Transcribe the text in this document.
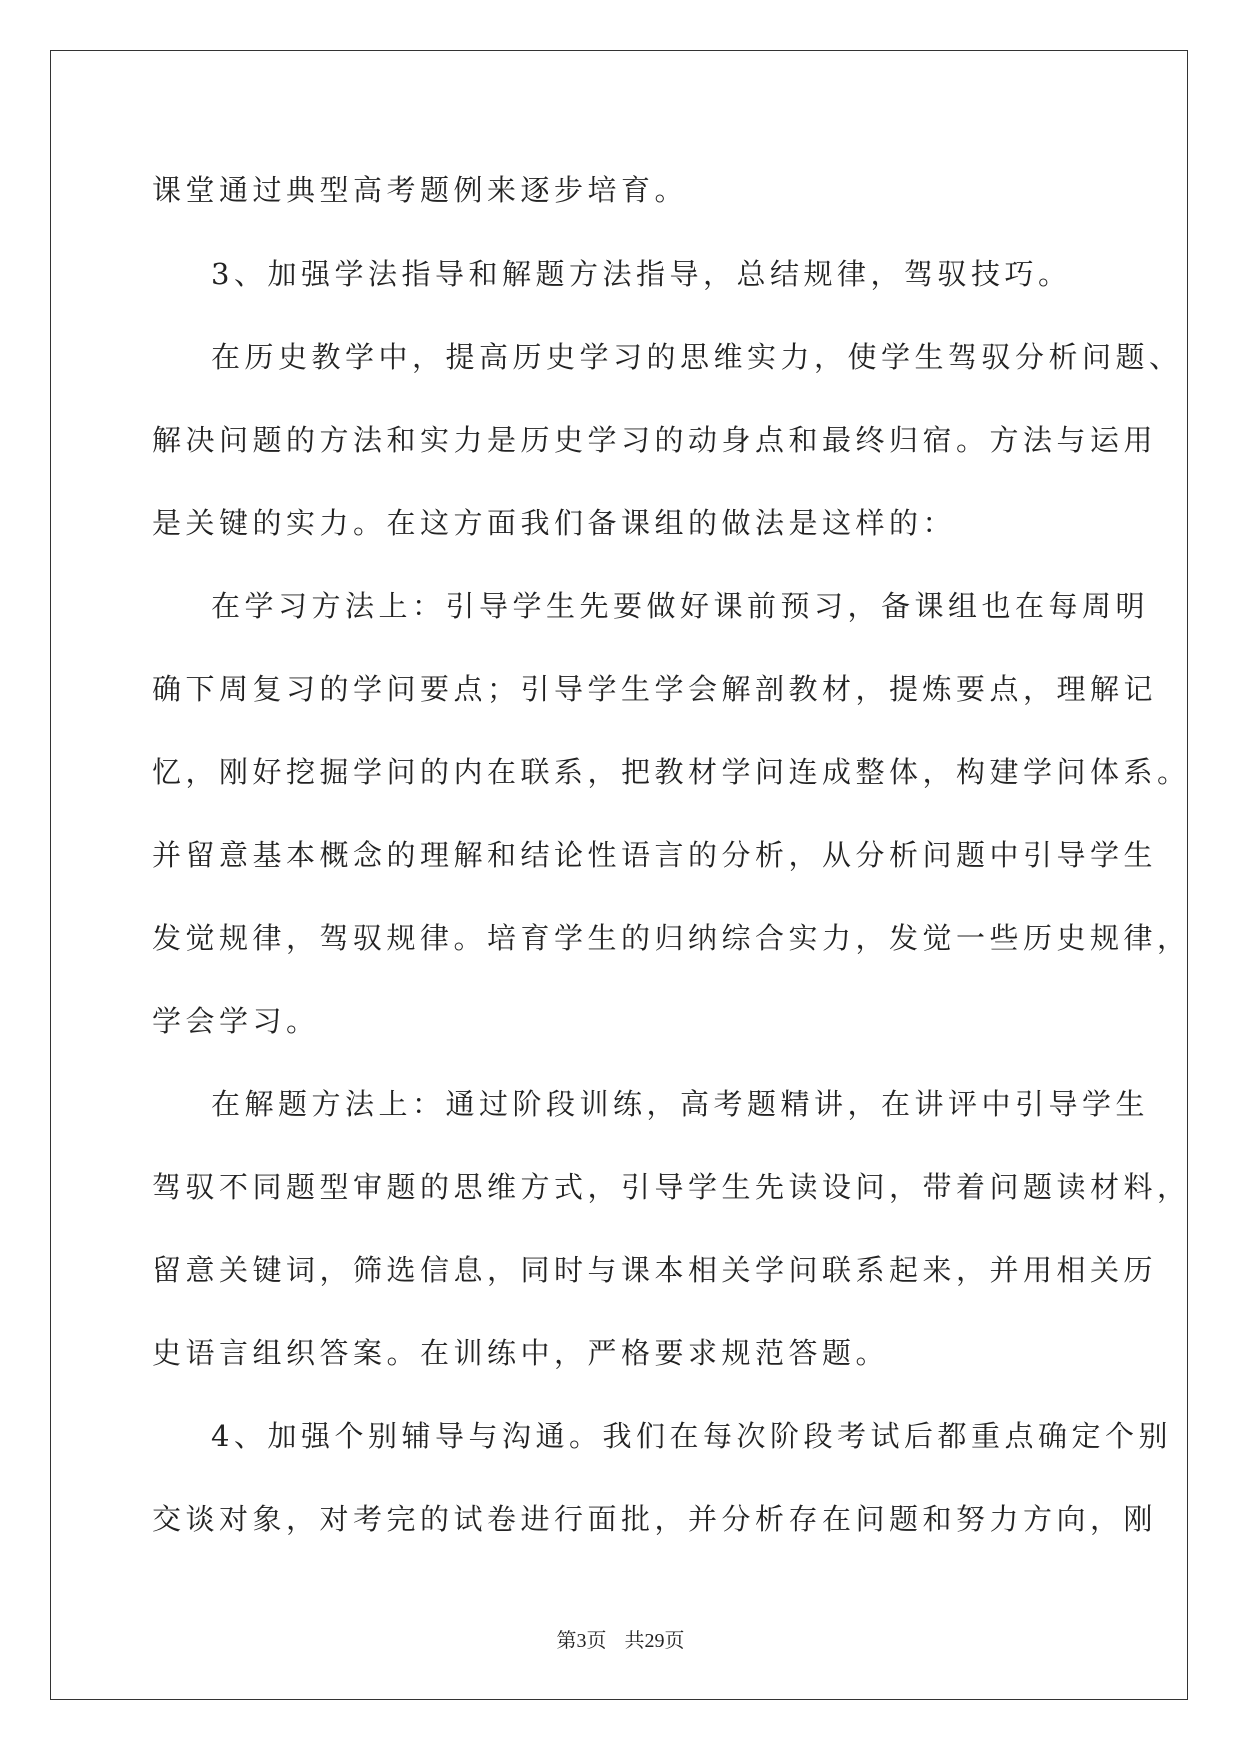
课堂通过典型高考题例来逐步培育。
3、加强学法指导和解题方法指导，总结规律，驾驭技巧。
在历史教学中，提高历史学习的思维实力，使学生驾驭分析问题、
解决问题的方法和实力是历史学习的动身点和最终归宿。方法与运用
是关键的实力。在这方面我们备课组的做法是这样的：
在学习方法上：引导学生先要做好课前预习，备课组也在每周明
确下周复习的学问要点；引导学生学会解剖教材，提炼要点，理解记
忆，刚好挖掘学问的内在联系，把教材学问连成整体，构建学问体系。
并留意基本概念的理解和结论性语言的分析，从分析问题中引导学生
发觉规律，驾驭规律。培育学生的归纳综合实力，发觉一些历史规律，
学会学习。
在解题方法上：通过阶段训练，高考题精讲，在讲评中引导学生
驾驭不同题型审题的思维方式，引导学生先读设问，带着问题读材料，
留意关键词，筛选信息，同时与课本相关学问联系起来，并用相关历
史语言组织答案。在训练中，严格要求规范答题。
4、加强个别辅导与沟通。我们在每次阶段考试后都重点确定个别
交谈对象，对考完的试卷进行面批，并分析存在问题和努力方向，刚
第3页 共29页
